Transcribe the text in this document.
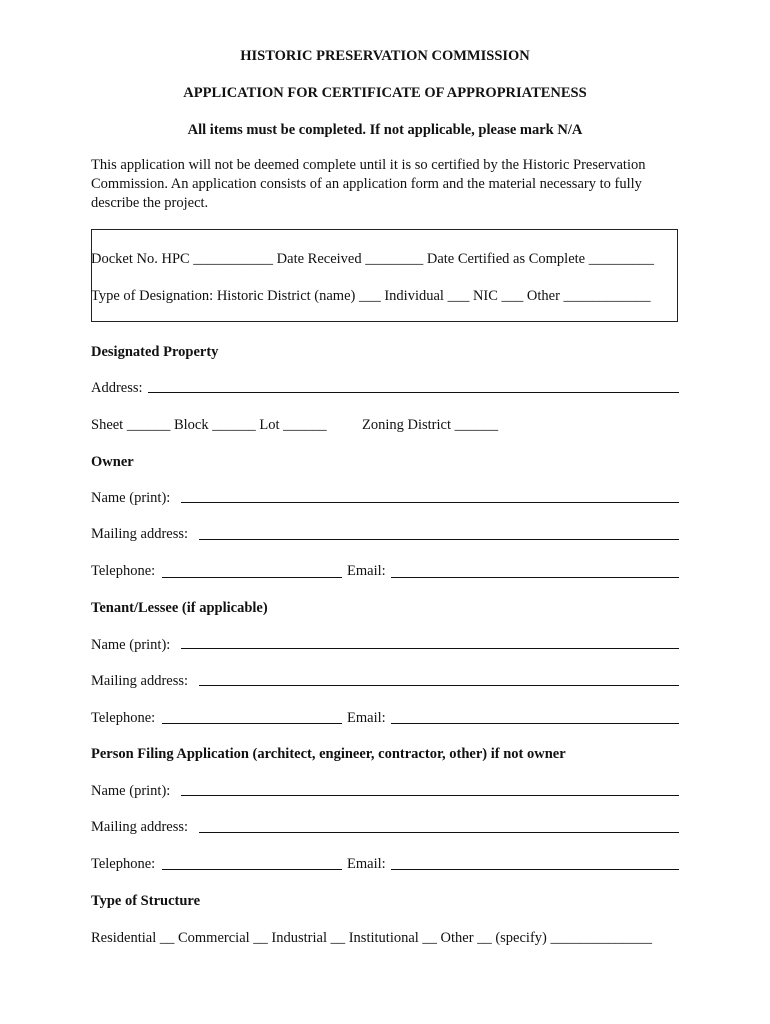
HISTORIC PRESERVATION COMMISSION
APPLICATION FOR CERTIFICATE OF APPROPRIATENESS
All items must be completed. If not applicable, please mark N/A
This application will not be deemed complete until it is so certified by the Historic Preservation
Commission. An application consists of an application form and the material necessary to fully
describe the project.
Docket No. HPC ___________ Date Received ________ Date Certified as Complete _________
Type of Designation: Historic District (name) ___ Individual ___ NIC ___ Other ____________
Designated Property
Address:
Sheet ______ Block ______ Lot ______ Zoning District ______
Owner
Name (print):
Mailing address:
Telephone:	Email:
Tenant/Lessee (if applicable)
Name (print):
Mailing address:
Telephone:	Email:
Person Filing Application (architect, engineer, contractor, other) if not owner
Name (print):
Mailing address:
Telephone:	Email:
Type of Structure
Residential __ Commercial __ Industrial __ Institutional __ Other __ (specify) ______________
